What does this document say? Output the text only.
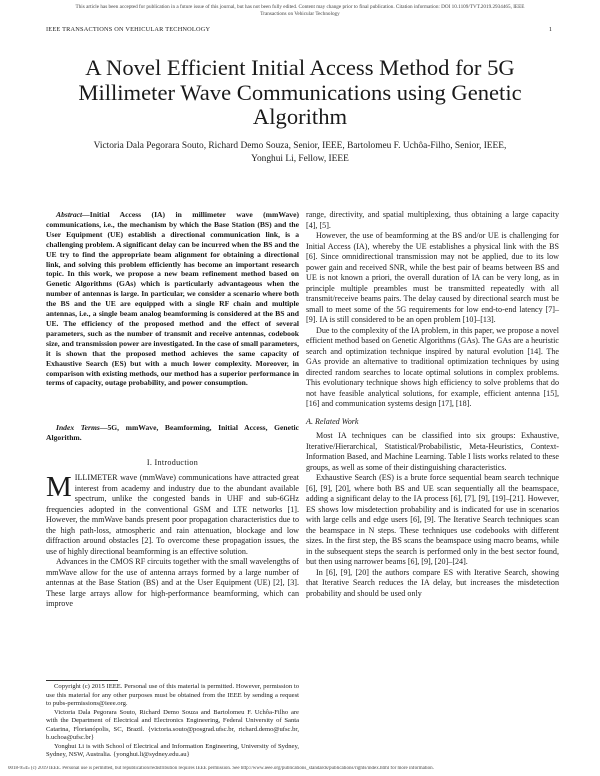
This article has been accepted for publication in a future issue of this journal, but has not been fully edited. Content may change prior to final publication. Citation information: DOI 10.1109/TVT.2019.2934465, IEEE
Transactions on Vehicular Technology
IEEE TRANSACTIONS ON VEHICULAR TECHNOLOGY	1
A Novel Efficient Initial Access Method for 5G Millimeter Wave Communications using Genetic Algorithm
Victoria Dala Pegorara Souto, Richard Demo Souza, Senior, IEEE, Bartolomeu F. Uchôa-Filho, Senior, IEEE,
Yonghui Li, Fellow, IEEE
Abstract—Initial Access (IA) in millimeter wave (mmWave) communications, i.e., the mechanism by which the Base Station (BS) and the User Equipment (UE) establish a directional communication link, is a challenging problem. A significant delay can be incurred when the BS and the UE try to find the appropriate beam alignment for obtaining a directional link, and solving this problem efficiently has become an important research topic. In this work, we propose a new beam refinement method based on Genetic Algorithms (GAs) which is particularly advantageous when the number of antennas is large. In particular, we consider a scenario where both the BS and the UE are equipped with a single RF chain and multiple antennas, i.e., a single beam analog beamforming is considered at the BS and UE. The efficiency of the proposed method and the effect of several parameters, such as the number of transmit and receive antennas, codebook size, and transmission power are investigated. In the case of small parameters, it is shown that the proposed method achieves the same capacity of Exhaustive Search (ES) but with a much lower complexity. Moreover, in comparison with existing methods, our method has a superior performance in terms of capacity, outage probability, and power consumption.
Index Terms—5G, mmWave, Beamforming, Initial Access, Genetic Algorithm.
I. Introduction

MILLIMETER wave (mmWave) communications have attracted great interest from academy and industry due to the abundant available spectrum, unlike the congested bands in UHF and sub-6GHz frequencies adopted in the conventional GSM and LTE networks [1]. However, the mmWave bands present poor propagation characteristics due to the high path-loss, atmospheric and rain attenuation, blockage and low diffraction around obstacles [2]. To overcome these propagation issues, the use of highly directional beamforming is an effective solution.

Advances in the CMOS RF circuits together with the small wavelengths of mmWave allow for the use of antenna arrays formed by a large number of antennas at the Base Station (BS) and at the User Equipment (UE) [2], [3]. These large arrays allow for high-performance beamforming, which can improve

Copyright (c) 2015 IEEE. Personal use of this material is permitted. However, permission to use this material for any other purposes must be obtained from the IEEE by sending a request to pubs-permissions@ieee.org.

Victoria Dala Pegorara Souto, Richard Demo Souza and Bartolomeu F. Uchôa-Filho are with the Department of Electrical and Electronics Engineering, Federal University of Santa Catarina, Florianópolis, SC, Brazil. {victoria.souto@posgrad.ufsc.br, richard.demo@ufsc.br, b.uchoa@ufsc.br}

Yonghui Li is with School of Electrical and Information Engineering, University of Sydney, Sydney, NSW, Australia. {yonghui.li@sydney.edu.au}

range, directivity, and spatial multiplexing, thus obtaining a large capacity [4], [5].

However, the use of beamforming at the BS and/or UE is challenging for Initial Access (IA), whereby the UE establishes a physical link with the BS [6]. Since omnidirectional transmission may not be applied, due to its low power gain and received SNR, while the best pair of beams between BS and UE is not known a priori, the overall duration of IA can be very long, as in principle multiple preambles must be transmitted repeatedly with all transmit/receive beams pairs. The delay caused by directional search must be small to meet some of the 5G requirements for low end-to-end latency [7]–[9]. IA is still considered to be an open problem [10]–[13].

Due to the complexity of the IA problem, in this paper, we propose a novel efficient method based on Genetic Algorithms (GAs). The GAs are a heuristic search and optimization technique inspired by natural evolution [14]. The GAs provide an alternative to traditional optimization techniques by using directed random searches to locate optimal solutions in complex problems. This evolutionary technique shows high efficiency to solve problems that do not have feasible analytical solutions, for example, efficient antenna [15], [16] and communication systems design [17], [18].

A. Related Work

Most IA techniques can be classified into six groups: Exhaustive, Iterative/Hierarchical, Statistical/Probabilistic, Meta-Heuristics, Context-Information Based, and Machine Learning. Table I lists works related to these groups, as well as some of their distinguishing characteristics.

Exhaustive Search (ES) is a brute force sequential beam search technique [6], [9], [20], where both BS and UE scan sequentially all the beamspace, adding a significant delay to the IA process [6], [7], [9], [19]–[21]. However, ES shows low misdetection probability and is indicated for use in scenarios with large cells and edge users [6], [9]. The Iterative Search techniques scan the beamspace in N steps. These techniques use codebooks with different sizes. In the first step, the BS scans the beamspace using macro beams, while in the subsequent steps the search is performed only in the best sector found, but then using narrower beams [6], [9], [20]–[24].

In [6], [9], [20] the authors compare ES with Iterative Search, showing that Iterative Search reduces the IA delay, but increases the misdetection probability and should be used only

0018-9545 (c) 2019 IEEE. Personal use is permitted, but republication/redistribution requires IEEE permission. See http://www.ieee.org/publications_standards/publications/rights/index.html for more information.
